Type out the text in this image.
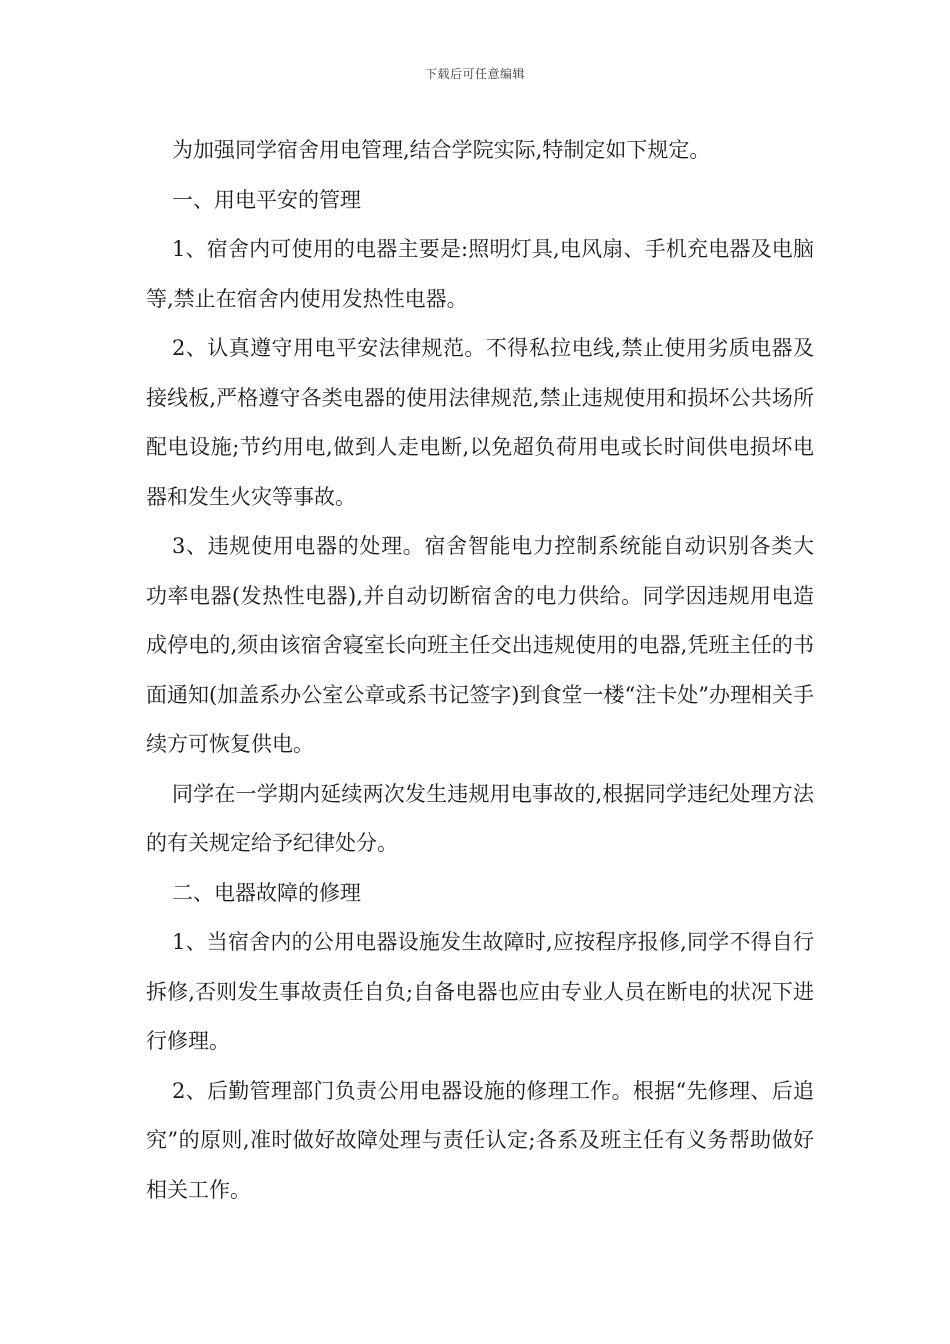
下载后可任意编辑

为加强同学宿舍用电管理,结合学院实际,特制定如下规定。

一、用电平安的管理

1、宿舍内可使用的电器主要是:照明灯具,电风扇、手机充电器及电脑等,禁止在宿舍内使用发热性电器。

2、认真遵守用电平安法律规范。不得私拉电线,禁止使用劣质电器及接线板,严格遵守各类电器的使用法律规范,禁止违规使用和损坏公共场所配电设施;节约用电,做到人走电断,以免超负荷用电或长时间供电损坏电器和发生火灾等事故。

3、违规使用电器的处理。宿舍智能电力控制系统能自动识别各类大功率电器(发热性电器),并自动切断宿舍的电力供给。同学因违规用电造成停电的,须由该宿舍寝室长向班主任交出违规使用的电器,凭班主任的书面通知(加盖系办公室公章或系书记签字)到食堂一楼“注卡处”办理相关手续方可恢复供电。

同学在一学期内延续两次发生违规用电事故的,根据同学违纪处理方法的有关规定给予纪律处分。

二、电器故障的修理

1、当宿舍内的公用电器设施发生故障时,应按程序报修,同学不得自行拆修,否则发生事故责任自负;自备电器也应由专业人员在断电的状况下进行修理。

2、后勤管理部门负责公用电器设施的修理工作。根据“先修理、后追究”的原则,准时做好故障处理与责任认定;各系及班主任有义务帮助做好相关工作。
